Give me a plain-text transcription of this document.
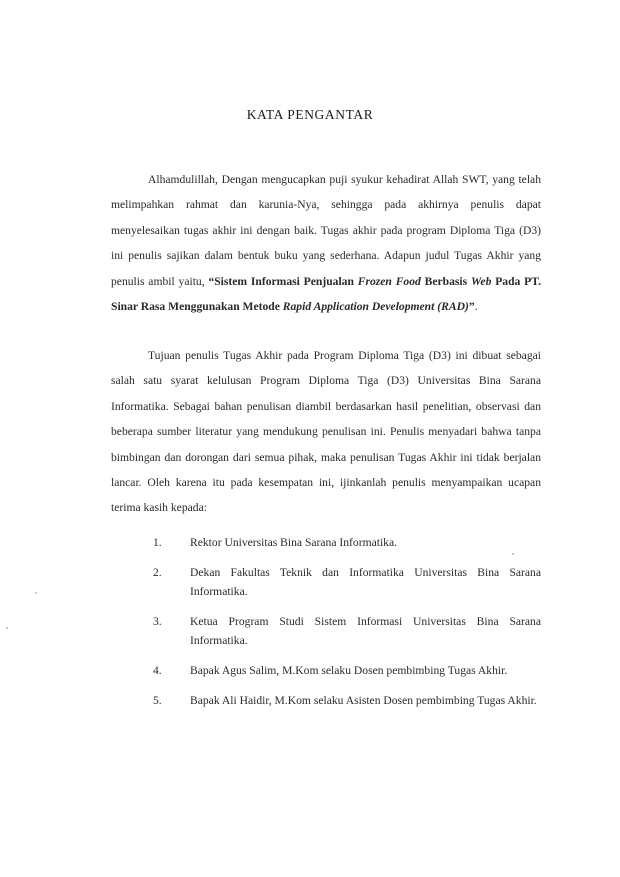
KATA PENGANTAR
Alhamdulillah, Dengan mengucapkan puji syukur kehadirat Allah SWT, yang telah melimpahkan rahmat dan karunia-Nya, sehingga pada akhirnya penulis dapat menyelesaikan tugas akhir ini dengan baik. Tugas akhir pada program Diploma Tiga (D3) ini penulis sajikan dalam bentuk buku yang sederhana. Adapun judul Tugas Akhir yang penulis ambil yaitu, “Sistem Informasi Penjualan Frozen Food Berbasis Web Pada PT. Sinar Rasa Menggunakan Metode Rapid Application Development (RAD)”.
Tujuan penulis Tugas Akhir pada Program Diploma Tiga (D3) ini dibuat sebagai salah satu syarat kelulusan Program Diploma Tiga (D3) Universitas Bina Sarana Informatika. Sebagai bahan penulisan diambil berdasarkan hasil penelitian, observasi dan beberapa sumber literatur yang mendukung penulisan ini. Penulis menyadari bahwa tanpa bimbingan dan dorongan dari semua pihak, maka penulisan Tugas Akhir ini tidak berjalan lancar. Oleh karena itu pada kesempatan ini, ijinkanlah penulis menyampaikan ucapan terima kasih kepada:
1. Rektor Universitas Bina Sarana Informatika.
2. Dekan Fakultas Teknik dan Informatika Universitas Bina Sarana Informatika.
3. Ketua Program Studi Sistem Informasi Universitas Bina Sarana Informatika.
4. Bapak Agus Salim, M.Kom selaku Dosen pembimbing Tugas Akhir.
5. Bapak Ali Haidir, M.Kom selaku Asisten Dosen pembimbing Tugas Akhir.
